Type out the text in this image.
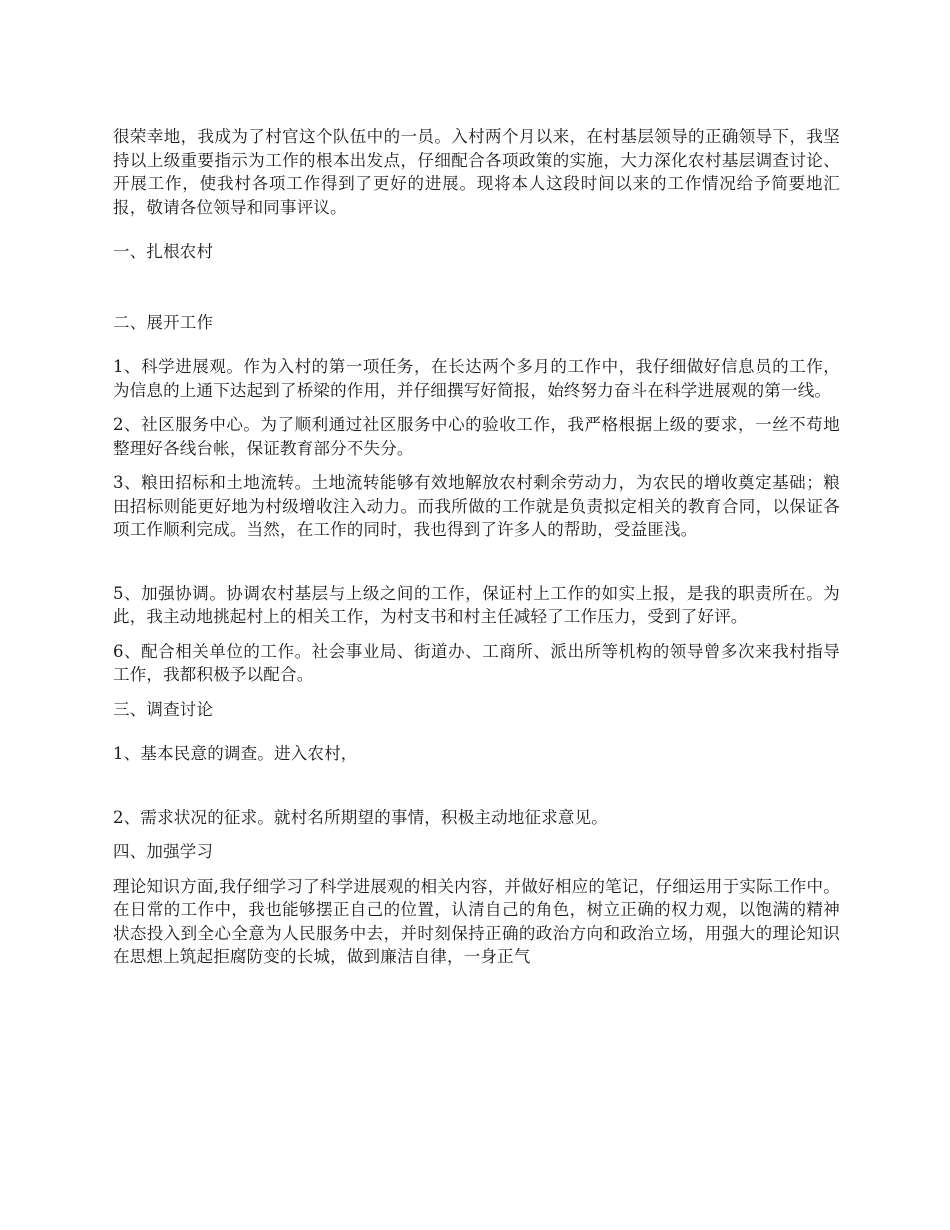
很荣幸地，我成为了村官这个队伍中的一员。入村两个月以来，在村基层领导的正确领导下，我坚持以上级重要指示为工作的根本出发点，仔细配合各项政策的实施，大力深化农村基层调查讨论、开展工作，使我村各项工作得到了更好的进展。现将本人这段时间以来的工作情况给予简要地汇报，敬请各位领导和同事评议。

一、扎根农村

二、展开工作

1、科学进展观。作为入村的第一项任务，在长达两个多月的工作中，我仔细做好信息员的工作，为信息的上通下达起到了桥梁的作用，并仔细撰写好简报，始终努力奋斗在科学进展观的第一线。

2、社区服务中心。为了顺利通过社区服务中心的验收工作，我严格根据上级的要求，一丝不苟地整理好各线台帐，保证教育部分不失分。

3、粮田招标和土地流转。土地流转能够有效地解放农村剩余劳动力，为农民的增收奠定基础；粮田招标则能更好地为村级增收注入动力。而我所做的工作就是负责拟定相关的教育合同，以保证各项工作顺利完成。当然，在工作的同时，我也得到了许多人的帮助，受益匪浅。

5、加强协调。协调农村基层与上级之间的工作，保证村上工作的如实上报，是我的职责所在。为此，我主动地挑起村上的相关工作，为村支书和村主任减轻了工作压力，受到了好评。

6、配合相关单位的工作。社会事业局、街道办、工商所、派出所等机构的领导曾多次来我村指导工作，我都积极予以配合。

三、调查讨论

1、基本民意的调查。进入农村，

2、需求状况的征求。就村名所期望的事情，积极主动地征求意见。

四、加强学习

理论知识方面,我仔细学习了科学进展观的相关内容，并做好相应的笔记，仔细运用于实际工作中。在日常的工作中，我也能够摆正自己的位置，认清自己的角色，树立正确的权力观，以饱满的精神状态投入到全心全意为人民服务中去，并时刻保持正确的政治方向和政治立场，用强大的理论知识在思想上筑起拒腐防变的长城，做到廉洁自律，一身正气
